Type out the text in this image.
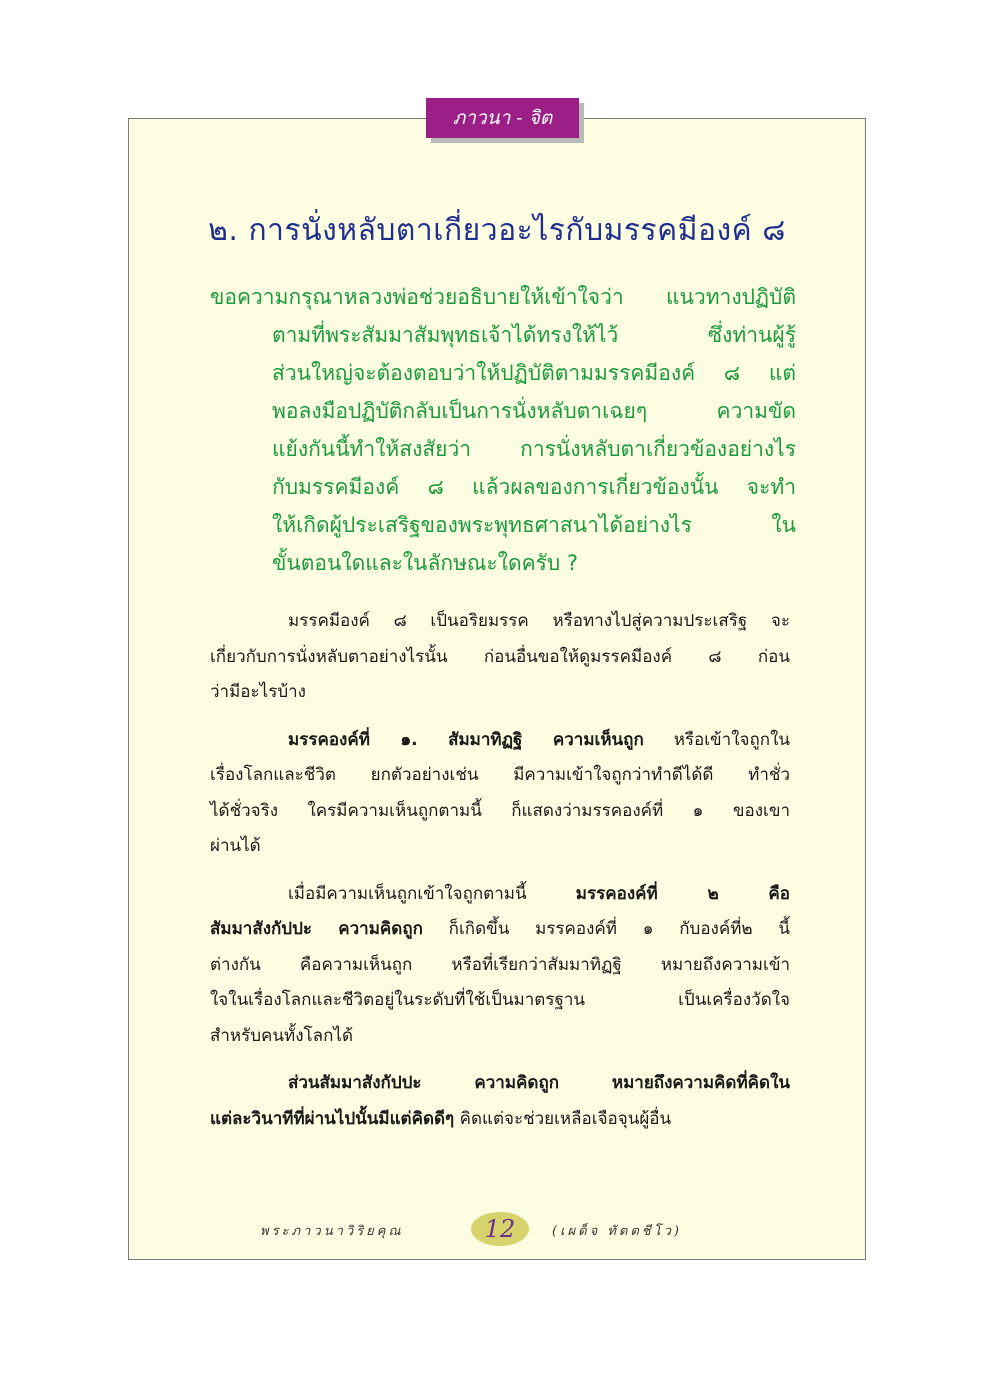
ภาวนา - จิต
๒. การนั่งหลับตาเกี่ยวอะไรกับมรรคมีองค์ ๘
ขอความกรุณาหลวงพ่อช่วยอธิบายให้เข้าใจว่า แนวทางปฏิบัติ
ตามที่พระสัมมาสัมพุทธเจ้าได้ทรงให้ไว้ ซึ่งท่านผู้รู้
ส่วนใหญ่จะต้องตอบว่าให้ปฏิบัติตามมรรคมีองค์ ๘ แต่
พอลงมือปฏิบัติกลับเป็นการนั่งหลับตาเฉยๆ ความขัด
แย้งกันนี้ทำให้สงสัยว่า การนั่งหลับตาเกี่ยวข้องอย่างไร
กับมรรคมีองค์ ๘ แล้วผลของการเกี่ยวข้องนั้น จะทำ
ให้เกิดผู้ประเสริฐของพระพุทธศาสนาได้อย่างไร ใน
ขั้นตอนใดและในลักษณะใดครับ ?
มรรคมีองค์ ๘ เป็นอริยมรรค หรือทางไปสู่ความประเสริฐ จะ
เกี่ยวกับการนั่งหลับตาอย่างไรนั้น ก่อนอื่นขอให้ดูมรรคมีองค์ ๘ ก่อน
ว่ามีอะไรบ้าง
มรรคองค์ที่ ๑. สัมมาทิฏฐิ ความเห็นถูก หรือเข้าใจถูกใน
เรื่องโลกและชีวิต ยกตัวอย่างเช่น มีความเข้าใจถูกว่าทำดีได้ดี ทำชั่ว
ได้ชั่วจริง ใครมีความเห็นถูกตามนี้ ก็แสดงว่ามรรคองค์ที่ ๑ ของเขา
ผ่านได้
เมื่อมีความเห็นถูกเข้าใจถูกตามนี้ มรรคองค์ที่ ๒ คือ
สัมมาสังกัปปะ ความคิดถูก ก็เกิดขึ้น มรรคองค์ที่ ๑ กับองค์ที่๒ นี้
ต่างกัน คือความเห็นถูก หรือที่เรียกว่าสัมมาทิฏฐิ หมายถึงความเข้า
ใจในเรื่องโลกและชีวิตอยู่ในระดับที่ใช้เป็นมาตรฐาน เป็นเครื่องวัดใจ
สำหรับคนทั้งโลกได้
ส่วนสัมมาสังกัปปะ ความคิดถูก หมายถึงความคิดที่คิดใน
แต่ละวินาทีที่ผ่านไปนั้นมีแต่คิดดีๆ คิดแต่จะช่วยเหลือเจือจุนผู้อื่น
พระภาวนาวิริยคุณ	12	(เผด็จ ทัตตชีโว)
